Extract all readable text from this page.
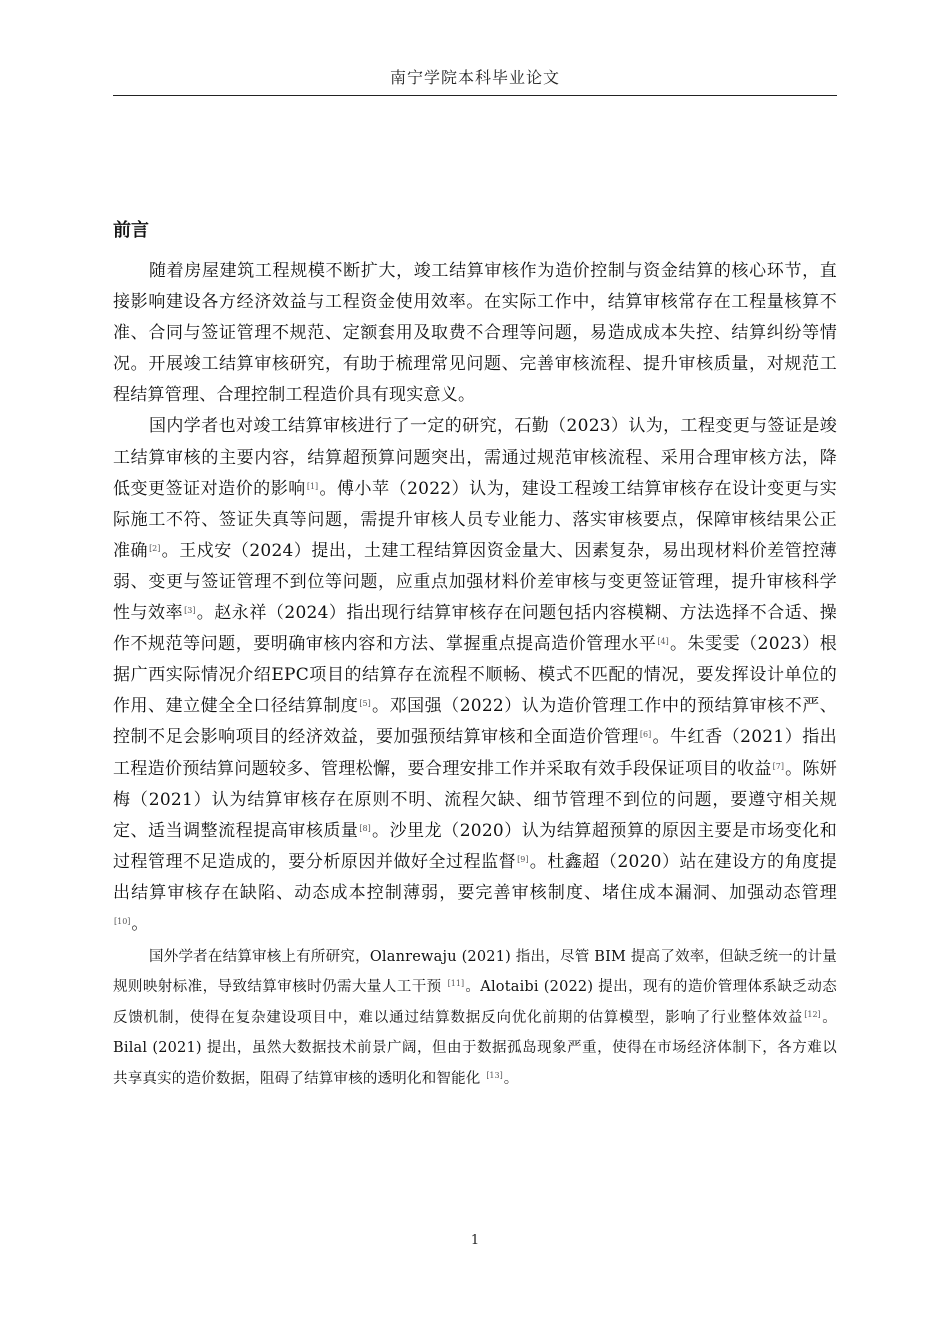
南宁学院本科毕业论文
前言

随着房屋建筑工程规模不断扩大，竣工结算审核作为造价控制与资金结算的核心环节，直接影响建设各方经济效益与工程资金使用效率。在实际工作中，结算审核常存在工程量核算不准、合同与签证管理不规范、定额套用及取费不合理等问题，易造成成本失控、结算纠纷等情况。开展竣工结算审核研究，有助于梳理常见问题、完善审核流程、提升审核质量，对规范工程结算管理、合理控制工程造价具有现实意义。

国内学者也对竣工结算审核进行了一定的研究，石勤（2023）认为，工程变更与签证是竣工结算审核的主要内容，结算超预算问题突出，需通过规范审核流程、采用合理审核方法，降低变更签证对造价的影响[1]。傅小苹（2022）认为，建设工程竣工结算审核存在设计变更与实际施工不符、签证失真等问题，需提升审核人员专业能力、落实审核要点，保障审核结果公正准确[2]。王戍安（2024）提出，土建工程结算因资金量大、因素复杂，易出现材料价差管控薄弱、变更与签证管理不到位等问题，应重点加强材料价差审核与变更签证管理，提升审核科学性与效率[3]。赵永祥（2024）指出现行结算审核存在问题包括内容模糊、方法选择不合适、操作不规范等问题，要明确审核内容和方法、掌握重点提高造价管理水平[4]。朱雯雯（2023）根据广西实际情况介绍EPC项目的结算存在流程不顺畅、模式不匹配的情况，要发挥设计单位的作用、建立健全全口径结算制度[5]。邓国强（2022）认为造价管理工作中的预结算审核不严、控制不足会影响项目的经济效益，要加强预结算审核和全面造价管理[6]。牛红香（2021）指出工程造价预结算问题较多、管理松懈，要合理安排工作并采取有效手段保证项目的收益[7]。陈妍梅（2021）认为结算审核存在原则不明、流程欠缺、细节管理不到位的问题，要遵守相关规定、适当调整流程提高审核质量[8]。沙里龙（2020）认为结算超预算的原因主要是市场变化和过程管理不足造成的，要分析原因并做好全过程监督[9]。杜鑫超（2020）站在建设方的角度提出结算审核存在缺陷、动态成本控制薄弱，要完善审核制度、堵住成本漏洞、加强动态管理[10]。

国外学者在结算审核上有所研究，Olanrewaju (2021) 指出，尽管 BIM 提高了效率，但缺乏统一的计量规则映射标准，导致结算审核时仍需大量人工干预 [11]。Alotaibi (2022) 提出，现有的造价管理体系缺乏动态反馈机制，使得在复杂建设项目中，难以通过结算数据反向优化前期的估算模型，影响了行业整体效益[12]。Bilal (2021) 提出，虽然大数据技术前景广阔，但由于数据孤岛现象严重，使得在市场经济体制下，各方难以共享真实的造价数据，阻碍了结算审核的透明化和智能化 [13]。

1
